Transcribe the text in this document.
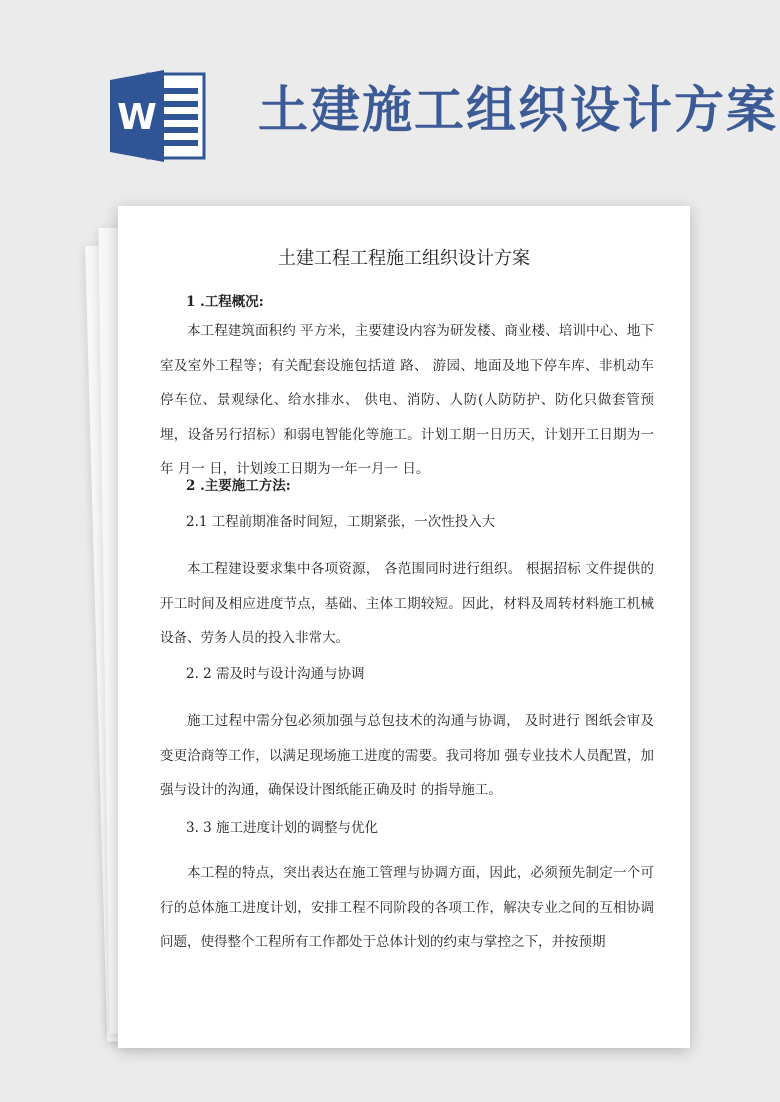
W 土建施工组织设计方案
土建工程工程施工组织设计方案
1 .工程概况:
本工程建筑面积约 平方米，主要建设内容为研发楼、商业楼、培训中心、地下室及室外工程等；有关配套设施包括道 路、 游园、地面及地下停车库、非机动车停车位、景观绿化、给水排水、 供电、消防、人防(人防防护、防化只做套管预埋，设备另行招标）和弱电智能化等施工。计划工期一日历天，计划开工日期为一年 月一 日，计划竣工日期为一年一月一 日。
2 .主要施工方法:
2.1 工程前期准备时间短，工期紧张，一次性投入大
本工程建设要求集中各项资源， 各范围同时进行组织。 根据招标 文件提供的开工时间及相应进度节点，基础、主体工期较短。因此，材料及周转材料施工机械设备、劳务人员的投入非常大。
2. 2 需及时与设计沟通与协调
施工过程中需分包必须加强与总包技术的沟通与协调， 及时进行 图纸会审及变更洽商等工作，以满足现场施工进度的需要。我司将加 强专业技术人员配置，加强与设计的沟通，确保设计图纸能正确及时 的指导施工。
3. 3 施工进度计划的调整与优化
本工程的特点，突出表达在施工管理与协调方面，因此，必须预先制定一个可行的总体施工进度计划，安排工程不同阶段的各项工作，解决专业之间的互相协调问题，使得整个工程所有工作都处于总体计划的约束与掌控之下，并按预期
